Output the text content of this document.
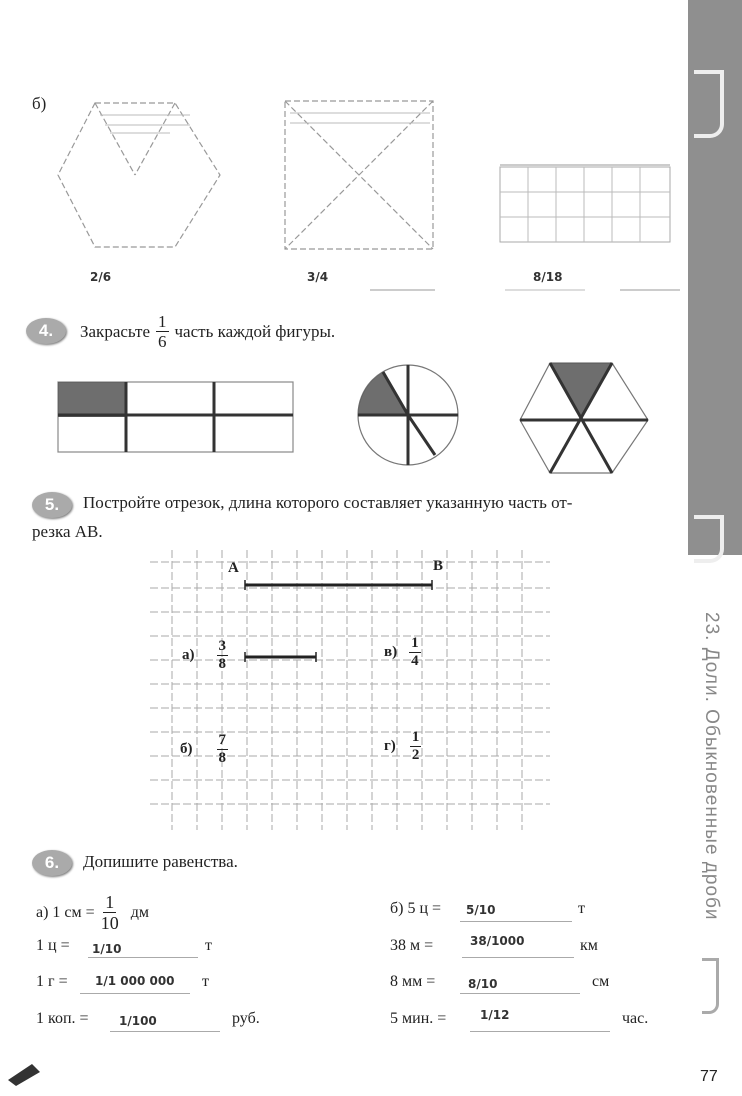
23. Доли. Обыкновенные дроби
б)
2/6	3/4	8/18
4.	Закрасьте $\frac{1}{6}$ часть каждой фигуры.
5.	Постройте отрезок, длина которого составляет указанную часть от-
резка AB.
A	B
$а) \frac{3}{8}$
$б) \frac{7}{8}$
$в) \frac{1}{4}$
$г) \frac{1}{2}$
6.	Допишите равенства.
а) 1 см = $\frac{1}{10}$ дм
1 ц = 1/10	т
1 г = 1/1 000 000 т
1 коп. =	1/100	руб.
б) 5 ц = 5/10	т
38 м =	38/1000	км
8 мм =	8/10	см
5 мин. =	1/12	час.
77
